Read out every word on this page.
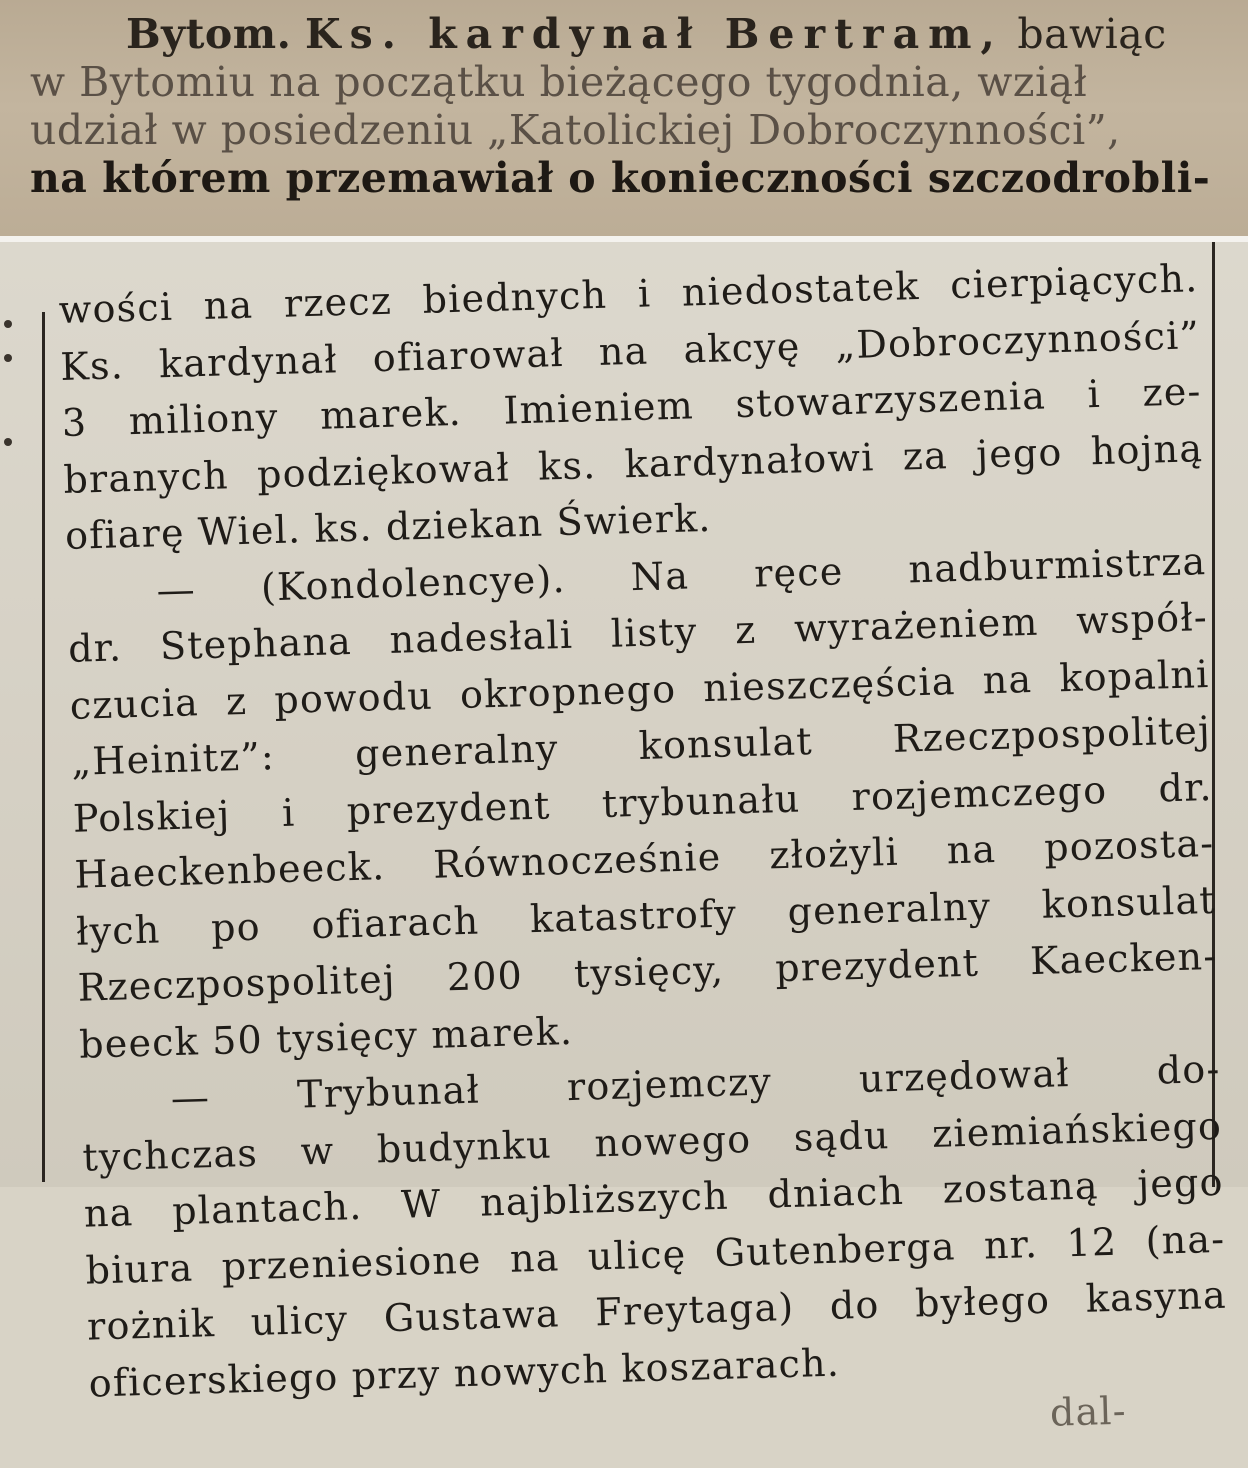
Bytom. Ks. kardynał Bertram, bawiąc
w Bytomiu na początku bieżącego tygodnia, wziął
udział w posiedzeniu „Katolickiej Dobroczynności”,
na którem przemawiał o konieczności szczodrobli-
wości na rzecz biednych i niedostatek cierpiących.
Ks. kardynał ofiarował na akcyę „Dobroczynności”
3 miliony marek. Imieniem stowarzyszenia i ze-
branych podziękował ks. kardynałowi za jego hojną
ofiarę Wiel. ks. dziekan Świerk.
— (Kondolencye). Na ręce nadburmistrza
dr. Stephana nadesłali listy z wyrażeniem współ-
czucia z powodu okropnego nieszczęścia na kopalni
„Heinitz”: generalny konsulat Rzeczpospolitej
Polskiej i prezydent trybunału rozjemczego dr.
Haeckenbeeck. Równocześnie złożyli na pozosta-
łych po ofiarach katastrofy generalny konsulat
Rzeczpospolitej 200 tysięcy, prezydent Kaecken-
beeck 50 tysięcy marek.
— Trybunał rozjemczy urzędował do-
tychczas w budynku nowego sądu ziemiańskiego
na plantach. W najbliższych dniach zostaną jego
biura przeniesione na ulicę Gutenberga nr. 12 (na-
rożnik ulicy Gustawa Freytaga) do byłego kasyna
oficerskiego przy nowych koszarach.
dal-
